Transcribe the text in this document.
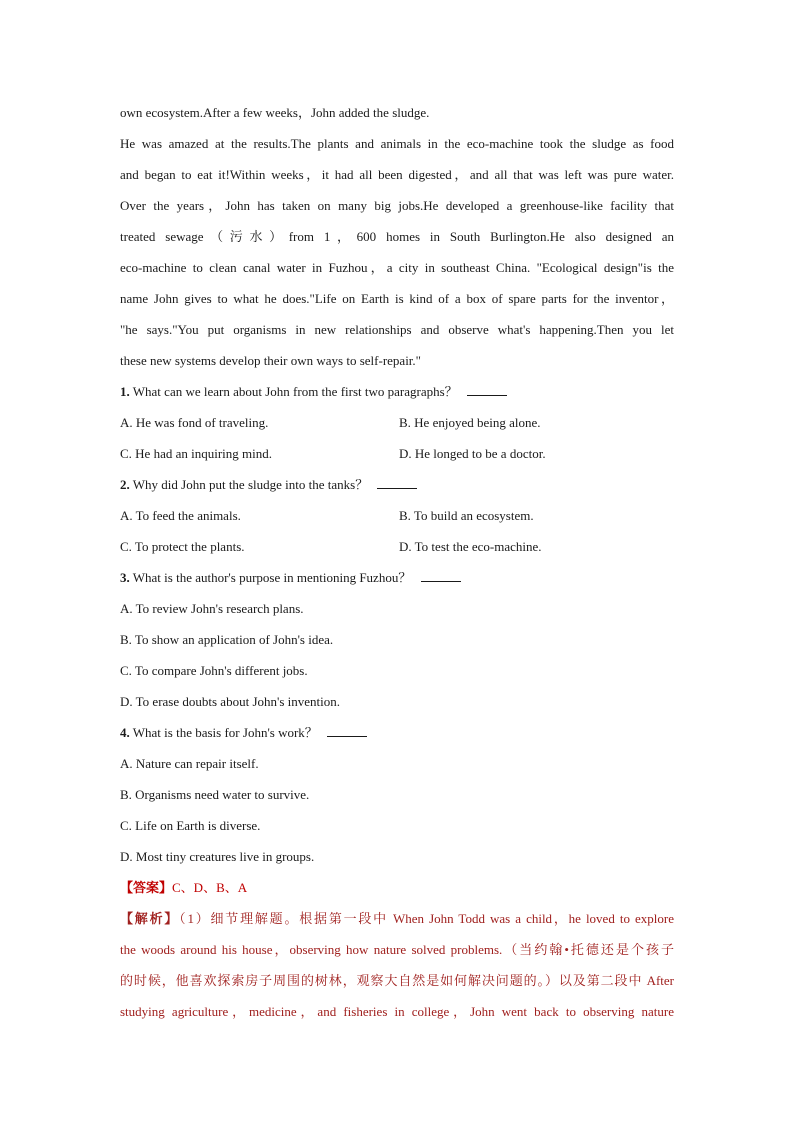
own ecosystem.After a few weeks，John added the sludge.
He was amazed at the results.The plants and animals in the eco-machine took the sludge as food
and began to eat it!Within weeks，it had all been digested，and all that was left was pure water.
Over the years，John has taken on many big jobs.He developed a greenhouse-like facility that
treated sewage（污水）from 1，600 homes in South Burlington.He also designed an
eco-machine to clean canal water in Fuzhou，a city in southeast China. "Ecological design"is the
name John gives to what he does."Life on Earth is kind of a box of spare parts for the inventor，
"he says."You put organisms in new relationships and observe what's happening.Then you let
these new systems develop their own ways to self-repair."
1. What can we learn about John from the first two paragraphs？
A. He was fond of traveling.	B. He enjoyed being alone.
C. He had an inquiring mind.	D. He longed to be a doctor.
2. Why did John put the sludge into the tanks？
A. To feed the animals.	B. To build an ecosystem.
C. To protect the plants.	D. To test the eco-machine.
3. What is the author's purpose in mentioning Fuzhou？
A. To review John's research plans.
B. To show an application of John's idea.
C. To compare John's different jobs.
D. To erase doubts about John's invention.
4. What is the basis for John's work？
A. Nature can repair itself.
B. Organisms need water to survive.
C. Life on Earth is diverse.
D. Most tiny creatures live in groups.
【答案】C、D、B、A
【解析】（1）细节理解题。根据第一段中 When John Todd was a child，he loved to explore
the woods around his house，observing how nature solved problems.（当约翰•托德还是个孩子
的时候，他喜欢探索房子周围的树林，观察大自然是如何解决问题的。）以及第二段中 After
studying agriculture，medicine，and fisheries in college，John went back to observing nature
